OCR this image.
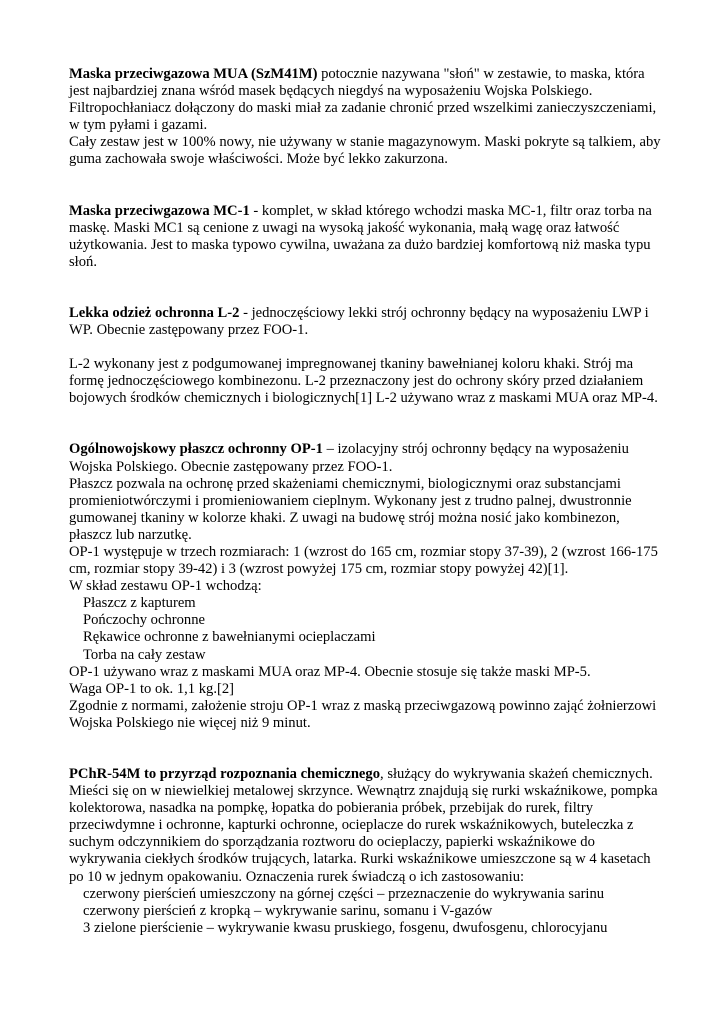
Maska przeciwgazowa MUA (SzM41M) potocznie nazywana "słoń" w zestawie, to maska, która jest najbardziej znana wśród masek będących niegdyś na wyposażeniu Wojska Polskiego. Filtropochłaniacz dołączony do maski miał za zadanie chronić przed wszelkimi zanieczyszczeniami, w tym pyłami i gazami.

Cały zestaw jest w 100% nowy, nie używany w stanie magazynowym. Maski pokryte są talkiem, aby guma zachowała swoje właściwości. Może być lekko zakurzona.

Maska przeciwgazowa MC-1 - komplet, w skład którego wchodzi maska MC-1, filtr oraz torba na maskę. Maski MC1 są cenione z uwagi na wysoką jakość wykonania, małą wagę oraz łatwość użytkowania. Jest to maska typowo cywilna, uważana za dużo bardziej komfortową niż maska typu słoń.

Lekka odzież ochronna L-2 - jednoczęściowy lekki strój ochronny będący na wyposażeniu LWP i WP. Obecnie zastępowany przez FOO-1.

L-2 wykonany jest z podgumowanej impregnowanej tkaniny bawełnianej koloru khaki. Strój ma formę jednoczęściowego kombinezonu. L-2 przeznaczony jest do ochrony skóry przed działaniem bojowych środków chemicznych i biologicznych[1] L-2 używano wraz z maskami MUA oraz MP-4.

Ogólnowojskowy płaszcz ochronny OP-1 – izolacyjny strój ochronny będący na wyposażeniu Wojska Polskiego. Obecnie zastępowany przez FOO-1.

Płaszcz pozwala na ochronę przed skażeniami chemicznymi, biologicznymi oraz substancjami promieniotwórczymi i promieniowaniem cieplnym. Wykonany jest z trudno palnej, dwustronnie gumowanej tkaniny w kolorze khaki. Z uwagi na budowę strój można nosić jako kombinezon, płaszcz lub narzutkę.

OP-1 występuje w trzech rozmiarach: 1 (wzrost do 165 cm, rozmiar stopy 37-39), 2 (wzrost 166-175 cm, rozmiar stopy 39-42) i 3 (wzrost powyżej 175 cm, rozmiar stopy powyżej 42)[1].

W skład zestawu OP-1 wchodzą:

Płaszcz z kapturem

Pończochy ochronne

Rękawice ochronne z bawełnianymi ocieplaczami

Torba na cały zestaw

OP-1 używano wraz z maskami MUA oraz MP-4. Obecnie stosuje się także maski MP-5.

Waga OP-1 to ok. 1,1 kg.[2]

Zgodnie z normami, założenie stroju OP-1 wraz z maską przeciwgazową powinno zająć żołnierzowi Wojska Polskiego nie więcej niż 9 minut.

PChR-54M to przyrząd rozpoznania chemicznego, służący do wykrywania skażeń chemicznych. Mieści się on w niewielkiej metalowej skrzynce. Wewnątrz znajdują się rurki wskaźnikowe, pompka kolektorowa, nasadka na pompkę, łopatka do pobierania próbek, przebijak do rurek, filtry przeciwdymne i ochronne, kapturki ochronne, ocieplacze do rurek wskaźnikowych, buteleczka z suchym odczynnikiem do sporządzania roztworu do ocieplaczy, papierki wskaźnikowe do wykrywania ciekłych środków trujących, latarka. Rurki wskaźnikowe umieszczone są w 4 kasetach po 10 w jednym opakowaniu. Oznaczenia rurek świadczą o ich zastosowaniu:

czerwony pierścień umieszczony na górnej części – przeznaczenie do wykrywania sarinu

czerwony pierścień z kropką – wykrywanie sarinu, somanu i V-gazów

3 zielone pierścienie – wykrywanie kwasu pruskiego, fosgenu, dwufosgenu, chlorocyjanu
